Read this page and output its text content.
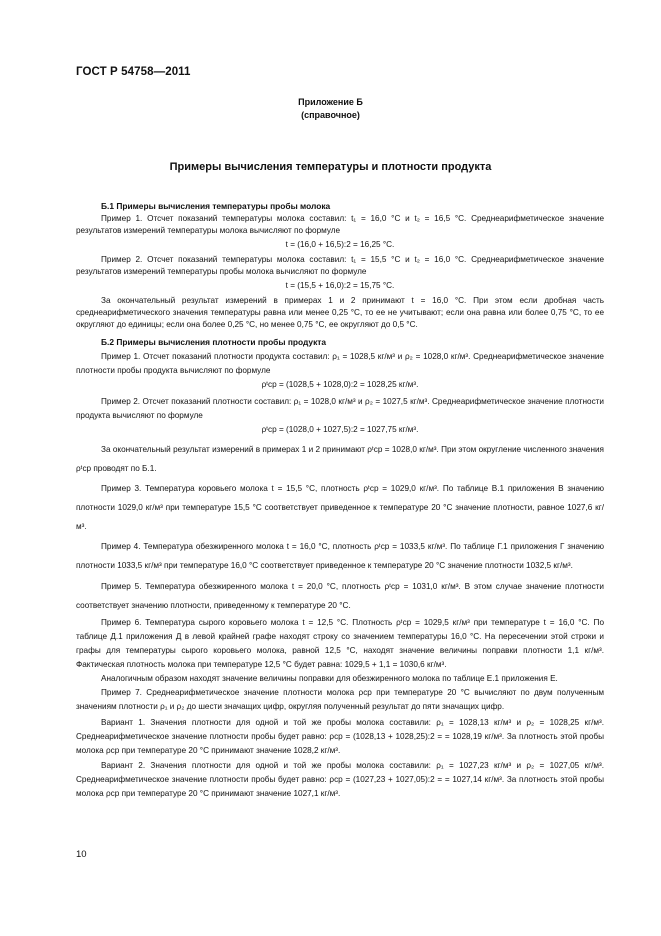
ГОСТ Р 54758—2011
Приложение Б
(справочное)
Примеры вычисления температуры и плотности продукта
Б.1 Примеры вычисления температуры пробы молока

Пример 1. Отсчет показаний температуры молока составил: t₁ = 16,0 °С и t₂ = 16,5 °С. Среднеарифметическое значение результатов измерений температуры молока вычисляют по формуле

t = (16,0 + 16,5):2 = 16,25 °С.

Пример 2. Отсчет показаний температуры молока составил: t₁ = 15,5 °С и t₂ = 16,0 °С. Среднеарифметическое значение результатов измерений температуры пробы молока вычисляют по формуле

t = (15,5 + 16,0):2 = 15,75 °С.

За окончательный результат измерений в примерах 1 и 2 принимают t = 16,0 °С. При этом если дробная часть среднеарифметического значения температуры равна или менее 0,25 °С, то ее не учитывают; если она равна или более 0,75 °С, то ее округляют до единицы; если она более 0,25 °С, но менее 0,75 °С, ее округляют до 0,5 °С.

Б.2 Примеры вычисления плотности пробы продукта

Пример 1. Отсчет показаний плотности продукта составил: ρ₁ = 1028,5 кг/м³ и ρ₂ = 1028,0 кг/м³. Среднеарифметическое значение плотности пробы продукта вычисляют по формуле

ρᵗср = (1028,5 + 1028,0):2 = 1028,25 кг/м³.

Пример 2. Отсчет показаний плотности составил: ρ₁ = 1028,0 кг/м³ и ρ₂ = 1027,5 кг/м³. Среднеарифметическое значение плотности продукта вычисляют по формуле

ρᵗср = (1028,0 + 1027,5):2 = 1027,75 кг/м³.

За окончательный результат измерений в примерах 1 и 2 принимают ρᵗср = 1028,0 кг/м³. При этом округление численного значения ρᵗср проводят по Б.1.

Пример 3. Температура коровьего молока t = 15,5 °С, плотность ρᵗср = 1029,0 кг/м³. По таблице В.1 приложения В значению плотности 1029,0 кг/м³ при температуре 15,5 °С соответствует приведенное к температуре 20 °С значение плотности, равное 1027,6 кг/м³.

Пример 4. Температура обезжиренного молока t = 16,0 °С, плотность ρᵗср = 1033,5 кг/м³. По таблице Г.1 приложения Г значению плотности 1033,5 кг/м³ при температуре 16,0 °С соответствует приведенное к температуре 20 °С значение плотности 1032,5 кг/м³.

Пример 5. Температура обезжиренного молока t = 20,0 °С, плотность ρᵗср = 1031,0 кг/м³. В этом случае значение плотности соответствует значению плотности, приведенному к температуре 20 °С.

Пример 6. Температура сырого коровьего молока t = 12,5 °С. Плотность ρᵗср = 1029,5 кг/м³ при температуре t = 16,0 °С. По таблице Д.1 приложения Д в левой крайней графе находят строку со значением температуры 16,0 °С. На пересечении этой строки и графы для температуры сырого коровьего молока, равной 12,5 °С, находят значение величины поправки плотности 1,1 кг/м³. Фактическая плотность молока при температуре 12,5 °С будет равна: 1029,5 + 1,1 = 1030,6 кг/м³.

Аналогичным образом находят значение величины поправки для обезжиренного молока по таблице Е.1 приложения Е.

Пример 7. Среднеарифметическое значение плотности молока ρср при температуре 20 °С вычисляют по двум полученным значениям плотности ρ₁ и ρ₂ до шести значащих цифр, округляя полученный результат до пяти значащих цифр.

Вариант 1. Значения плотности для одной и той же пробы молока составили: ρ₁ = 1028,13 кг/м³ и ρ₂ = 1028,25 кг/м³. Среднеарифметическое значение плотности пробы будет равно: ρср = (1028,13 + 1028,25):2 = = 1028,19 кг/м³. За плотность этой пробы молока ρср при температуре 20 °С принимают значение 1028,2 кг/м³.

Вариант 2. Значения плотности для одной и той же пробы молока составили: ρ₁ = 1027,23 кг/м³ и ρ₂ = 1027,05 кг/м³. Среднеарифметическое значение плотности пробы будет равно: ρср = (1027,23 + 1027,05):2 = = 1027,14 кг/м³. За плотность этой пробы молока ρср при температуре 20 °С принимают значение 1027,1 кг/м³.

10
